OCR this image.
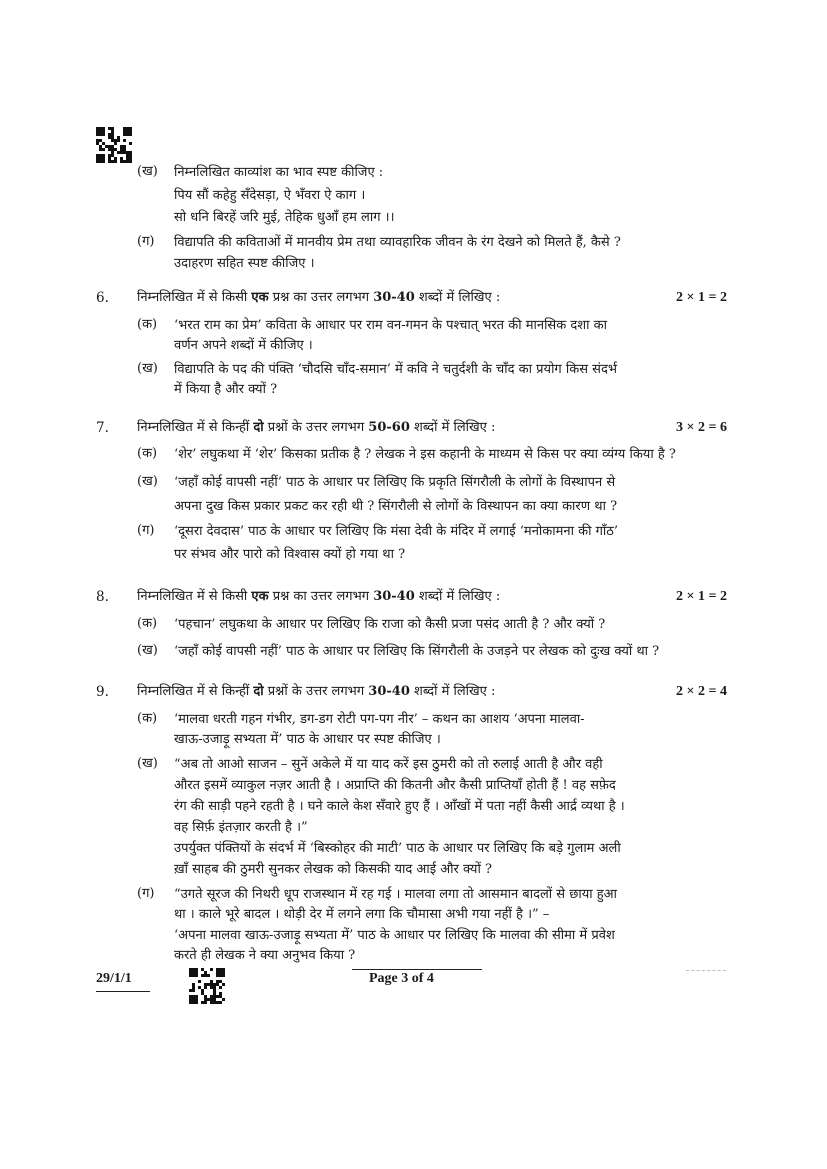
(ख) निम्नलिखित काव्यांश का भाव स्पष्ट कीजिए :
पिय सौं कहेहु सँदेसड़ा, ऐ भँवरा ऐ काग ।
सो धनि बिरहें जरि मुई, तेहिक धुआँ हम लाग ।।
(ग) विद्यापति की कविताओं में मानवीय प्रेम तथा व्यावहारिक जीवन के रंग देखने को मिलते हैं, कैसे ?
उदाहरण सहित स्पष्ट कीजिए ।
6. निम्नलिखित में से किसी एक प्रश्न का उत्तर लगभग 30-40 शब्दों में लिखिए :	2 × 1 = 2
(क) ‘भरत राम का प्रेम’ कविता के आधार पर राम वन-गमन के पश्चात् भरत की मानसिक दशा का
वर्णन अपने शब्दों में कीजिए ।
(ख) विद्यापति के पद की पंक्ति ‘चौदसि चाँद-समान’ में कवि ने चतुर्दशी के चाँद का प्रयोग किस संदर्भ
में किया है और क्यों ?
7. निम्नलिखित में से किन्हीं दो प्रश्नों के उत्तर लगभग 50-60 शब्दों में लिखिए :	3 × 2 = 6
(क) ‘शेर’ लघुकथा में ‘शेर’ किसका प्रतीक है ? लेखक ने इस कहानी के माध्यम से किस पर क्या व्यंग्य किया है ?
(ख) ‘जहाँ कोई वापसी नहीं’ पाठ के आधार पर लिखिए कि प्रकृति सिंगरौली के लोगों के विस्थापन से
अपना दुख किस प्रकार प्रकट कर रही थी ? सिंगरौली से लोगों के विस्थापन का क्या कारण था ?
(ग) ‘दूसरा देवदास’ पाठ के आधार पर लिखिए कि मंसा देवी के मंदिर में लगाई ‘मनोकामना की गाँठ’
पर संभव और पारो को विश्वास क्यों हो गया था ?
8. निम्नलिखित में से किसी एक प्रश्न का उत्तर लगभग 30-40 शब्दों में लिखिए :	2 × 1 = 2
(क) ‘पहचान’ लघुकथा के आधार पर लिखिए कि राजा को कैसी प्रजा पसंद आती है ? और क्यों ?
(ख) ‘जहाँ कोई वापसी नहीं’ पाठ के आधार पर लिखिए कि सिंगरौली के उजड़ने पर लेखक को दुःख क्यों था ?
9. निम्नलिखित में से किन्हीं दो प्रश्नों के उत्तर लगभग 30-40 शब्दों में लिखिए :	2 × 2 = 4
(क) ‘मालवा धरती गहन गंभीर, डग-डग रोटी पग-पग नीर’ – कथन का आशय ‘अपना मालवा-
खाऊ-उजाड़ू सभ्यता में’ पाठ के आधार पर स्पष्ट कीजिए ।
(ख) “अब तो आओ साजन – सुनें अकेले में या याद करें इस ठुमरी को तो रुलाई आती है और वही
औरत इसमें व्याकुल नज़र आती है । अप्राप्ति की कितनी और कैसी प्राप्तियाँ होती हैं ! वह सफ़ेद
रंग की साड़ी पहने रहती है । घने काले केश सँवारे हुए हैं । आँखों में पता नहीं कैसी आर्द्र व्यथा है ।
वह सिर्फ़ इंतज़ार करती है ।”
उपर्युक्त पंक्तियों के संदर्भ में ‘बिस्कोहर की माटी’ पाठ के आधार पर लिखिए कि बड़े गुलाम अली
ख़ाँ साहब की ठुमरी सुनकर लेखक को किसकी याद आई और क्यों ?
(ग) “उगते सूरज की निथरी धूप राजस्थान में रह गई । मालवा लगा तो आसमान बादलों से छाया हुआ
था । काले भूरे बादल । थोड़ी देर में लगने लगा कि चौमासा अभी गया नहीं है ।” –
‘अपना मालवा खाऊ-उजाड़ू सभ्यता में’ पाठ के आधार पर लिखिए कि मालवा की सीमा में प्रवेश
करते ही लेखक ने क्या अनुभव किया ?
29/1/1	Page 3 of 4
